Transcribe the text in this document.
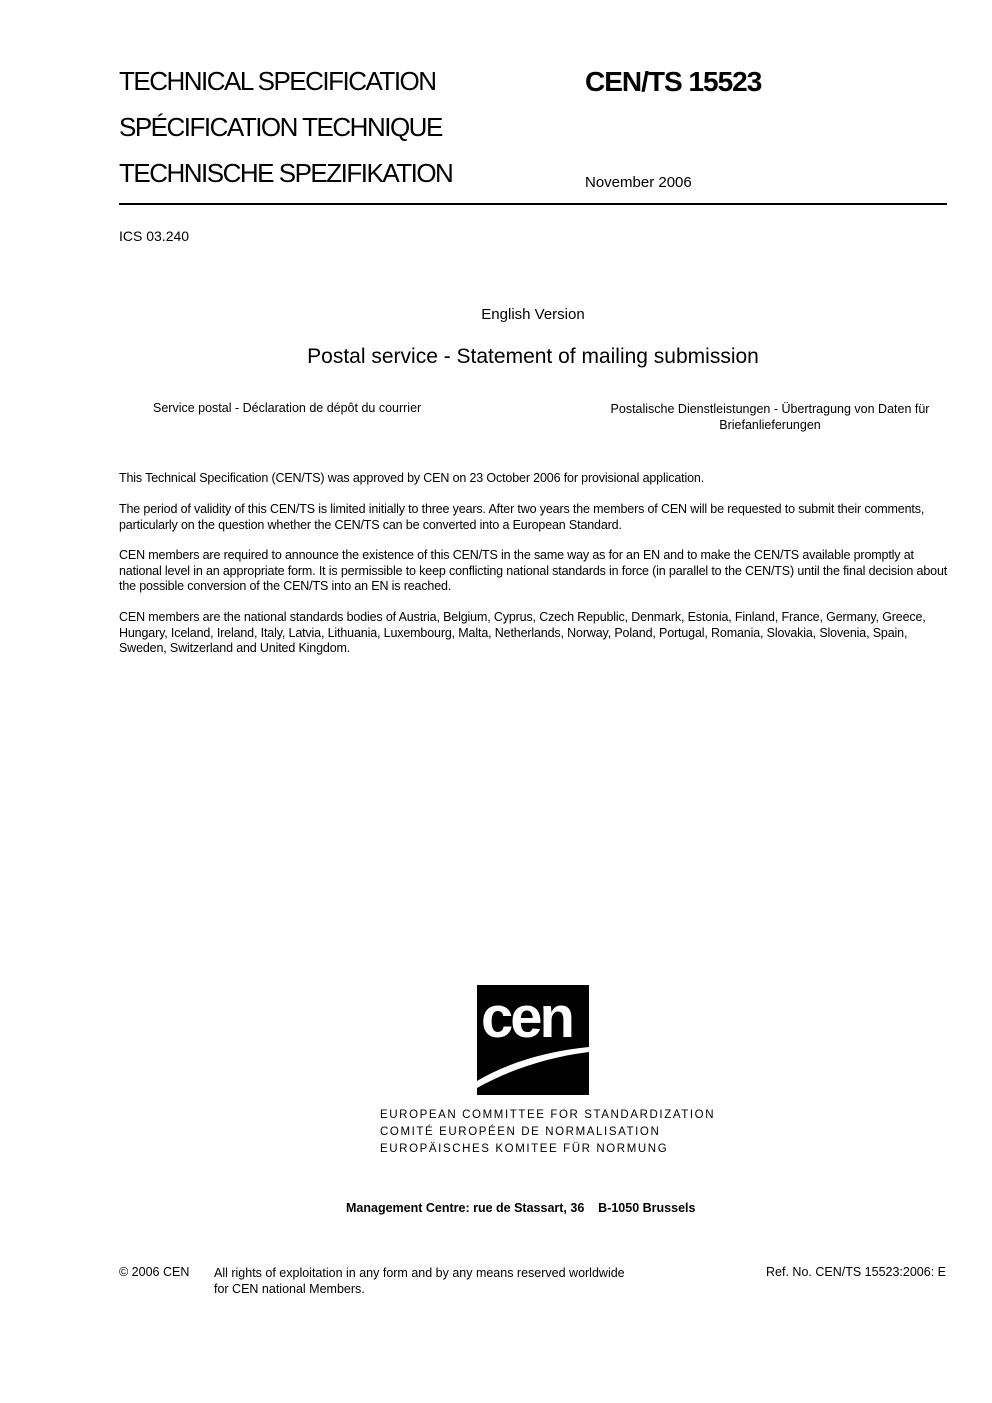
TECHNICAL SPECIFICATION
SPÉCIFICATION TECHNIQUE
TECHNISCHE SPEZIFIKATION
CEN/TS 15523
November 2006
ICS 03.240
English Version
Postal service - Statement of mailing submission
Service postal - Déclaration de dépôt du courrier	Postalische Dienstleistungen - Übertragung von Daten für Briefanlieferungen
This Technical Specification (CEN/TS) was approved by CEN on 23 October 2006 for provisional application.
The period of validity of this CEN/TS is limited initially to three years. After two years the members of CEN will be requested to submit their comments, particularly on the question whether the CEN/TS can be converted into a European Standard.
CEN members are required to announce the existence of this CEN/TS in the same way as for an EN and to make the CEN/TS available promptly at national level in an appropriate form. It is permissible to keep conflicting national standards in force (in parallel to the CEN/TS) until the final decision about the possible conversion of the CEN/TS into an EN is reached.
CEN members are the national standards bodies of Austria, Belgium, Cyprus, Czech Republic, Denmark, Estonia, Finland, France, Germany, Greece, Hungary, Iceland, Ireland, Italy, Latvia, Lithuania, Luxembourg, Malta, Netherlands, Norway, Poland, Portugal, Romania, Slovakia, Slovenia, Spain, Sweden, Switzerland and United Kingdom.
cen
EUROPEAN COMMITTEE FOR STANDARDIZATION
COMITÉ EUROPÉEN DE NORMALISATION
EUROPÄISCHES KOMITEE FÜR NORMUNG
Management Centre: rue de Stassart, 36    B-1050 Brussels
© 2006 CEN All rights of exploitation in any form and by any means reserved worldwide for CEN national Members.
Ref. No. CEN/TS 15523:2006: E
